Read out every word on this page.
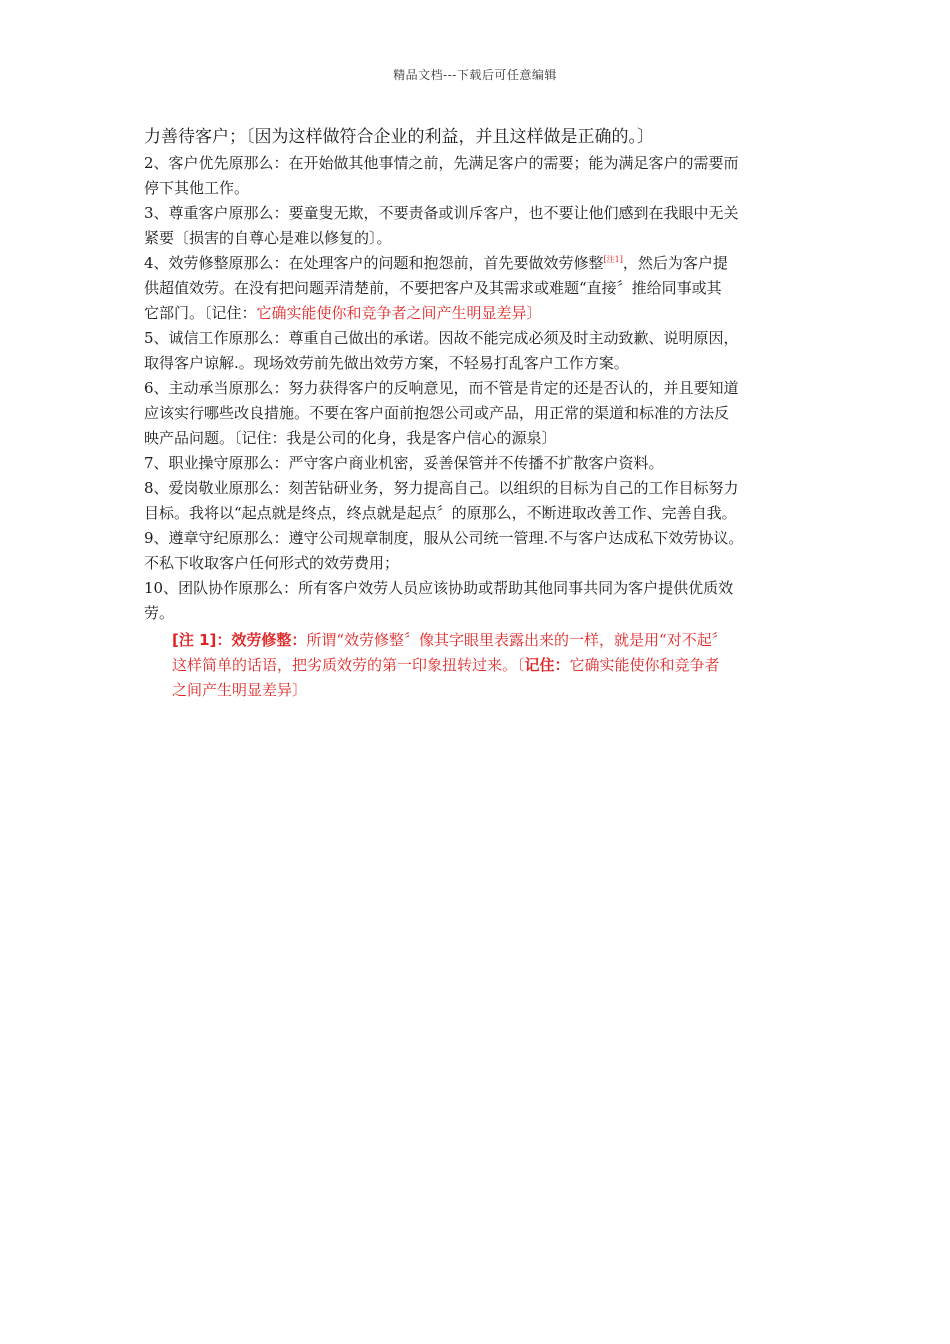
精品文档---下载后可任意编辑

力善待客户；〔因为这样做符合企业的利益，并且这样做是正确的。〕

2、客户优先原那么：在开始做其他事情之前，先满足客户的需要；能为满足客户的需要而

停下其他工作。

3、尊重客户原那么：要童叟无欺，不要责备或训斥客户，也不要让他们感到在我眼中无关

紧要〔损害的自尊心是难以修复的〕。

4、效劳修整原那么：在处理客户的问题和抱怨前，首先要做效劳修整[注1]，然后为客户提

供超值效劳。在没有把问题弄清楚前，不要把客户及其需求或难题“直接〞推给同事或其

它部门。〔记住：它确实能使你和竞争者之间产生明显差异〕

5、诚信工作原那么：尊重自己做出的承诺。因故不能完成必须及时主动致歉、说明原因，

取得客户谅解.。现场效劳前先做出效劳方案，不轻易打乱客户工作方案。

6、主动承当原那么：努力获得客户的反响意见，而不管是肯定的还是否认的，并且要知道

应该实行哪些改良措施。不要在客户面前抱怨公司或产品，用正常的渠道和标准的方法反

映产品问题。〔记住：我是公司的化身，我是客户信心的源泉〕

7、职业操守原那么：严守客户商业机密，妥善保管并不传播不扩散客户资料。

8、爱岗敬业原那么：刻苦钻研业务，努力提高自己。以组织的目标为自己的工作目标努力

目标。我将以“起点就是终点，终点就是起点〞的原那么，不断进取改善工作、完善自我。

9、遵章守纪原那么：遵守公司规章制度，服从公司统一管理.不与客户达成私下效劳协议。

不私下收取客户任何形式的效劳费用；

10、团队协作原那么：所有客户效劳人员应该协助或帮助其他同事共同为客户提供优质效

劳。

[注 1]：效劳修整：所谓“效劳修整〞像其字眼里表露出来的一样，就是用“对不起〞
这样简单的话语，把劣质效劳的第一印象扭转过来。〔记住：它确实能使你和竞争者
之间产生明显差异〕
